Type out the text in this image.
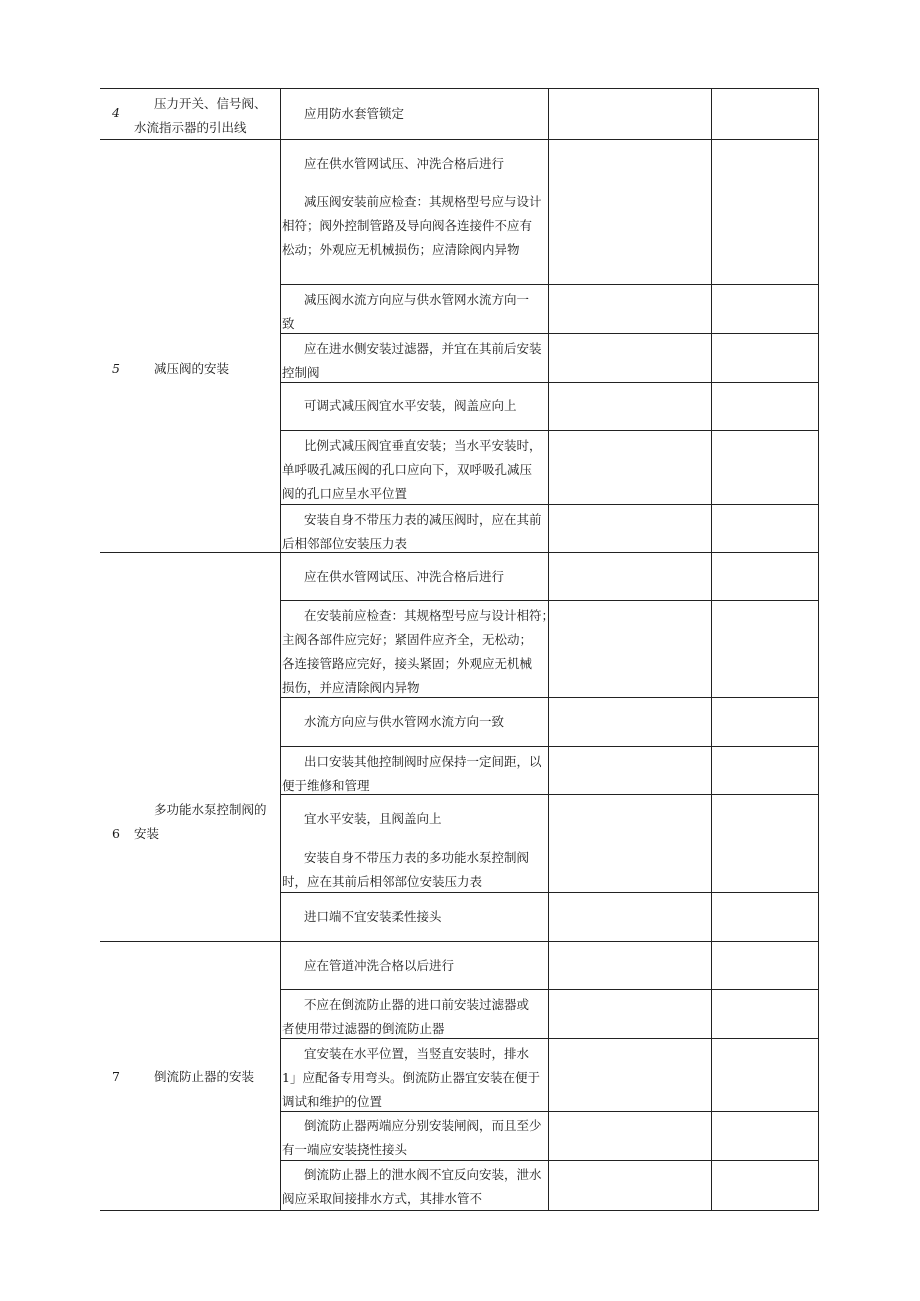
4
压力开关、信号阀、
水流指示器的引出线
应用防水套管锁定
5	减压阀的安装
应在供水管网试压、冲洗合格后进行
减压阀安装前应检查：其规格型号应与设计
相符；阀外控制管路及导向阀各连接件不应有
松动；外观应无机械损伤；应清除阀内异物
减压阀水流方向应与供水管网水流方向一
致
应在进水侧安装过滤器，并宜在其前后安装
控制阀
可调式减压阀宜水平安装，阀盖应向上
比例式减压阀宜垂直安装；当水平安装时，
单呼吸孔减压阀的孔口应向下，双呼吸孔减压
阀的孔口应呈水平位置
安装自身不带压力表的减压阀时，应在其前
后相邻部位安装压力表
6
多功能水泵控制阀的
安装
应在供水管网试压、冲洗合格后进行
在安装前应检查：其规格型号应与设计相符；
主阀各部件应完好；紧固件应齐全，无松动；
各连接管路应完好，接头紧固；外观应无机械
损伤，并应清除阀内异物
水流方向应与供水管网水流方向一致
出口安装其他控制阀时应保持一定间距，以
便于维修和管理
宜水平安装，且阀盖向上
安装自身不带压力表的多功能水泵控制阀
时，应在其前后相邻部位安装压力表
进口端不宜安装柔性接头
7	倒流防止器的安装
应在管道冲洗合格以后进行
不应在倒流防止器的进口前安装过滤器或
者使用带过滤器的倒流防止器
宜安装在水平位置，当竖直安装时，排水
1」应配备专用弯头。倒流防止器宜安装在便于
调试和维护的位置
倒流防止器两端应分别安装闸阀，而且至少
有一端应安装挠性接头
倒流防止器上的泄水阀不宜反向安装，泄水
阀应采取间接排水方式，其排水管不
